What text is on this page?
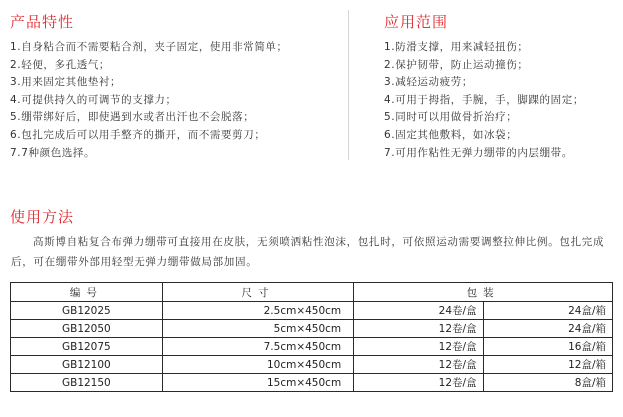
产品特性
1.自身粘合而不需要粘合剂，夹子固定，使用非常简单；
2.轻便，多孔透气；
3.用来固定其他垫衬；
4.可提供持久的可调节的支撑力；
5.绷带绑好后，即使遇到水或者出汗也不会脱落；
6.包扎完成后可以用手整齐的撕开，而不需要剪刀；
7.7种颜色选择。
应用范围
1.防滑支撑，用来减轻扭伤；
2.保护韧带，防止运动撞伤；
3.减轻运动疲劳；
4.可用于拇指，手腕，手，脚踝的固定；
5.同时可以用做骨折治疗；
6.固定其他敷料，如冰袋；
7.可用作粘性无弹力绷带的内层绷带。
使用方法

高斯博自粘复合布弹力绷带可直接用在皮肤，无须喷洒粘性泡沫，包扎时，可依照运动需要调整拉伸比例。包扎完成后，可在绷带外部用轻型无弹力绷带做局部加固。

编号	尺寸	包装	
GB12025	2.5cm×450cm	24卷/盒	24盒/箱
GB12050	5cm×450cm	12卷/盒	24盒/箱
GB12075	7.5cm×450cm	12卷/盒	16盒/箱
GB12100	10cm×450cm	12卷/盒	12盒/箱
GB12150	15cm×450cm	12卷/盒	8盒/箱
